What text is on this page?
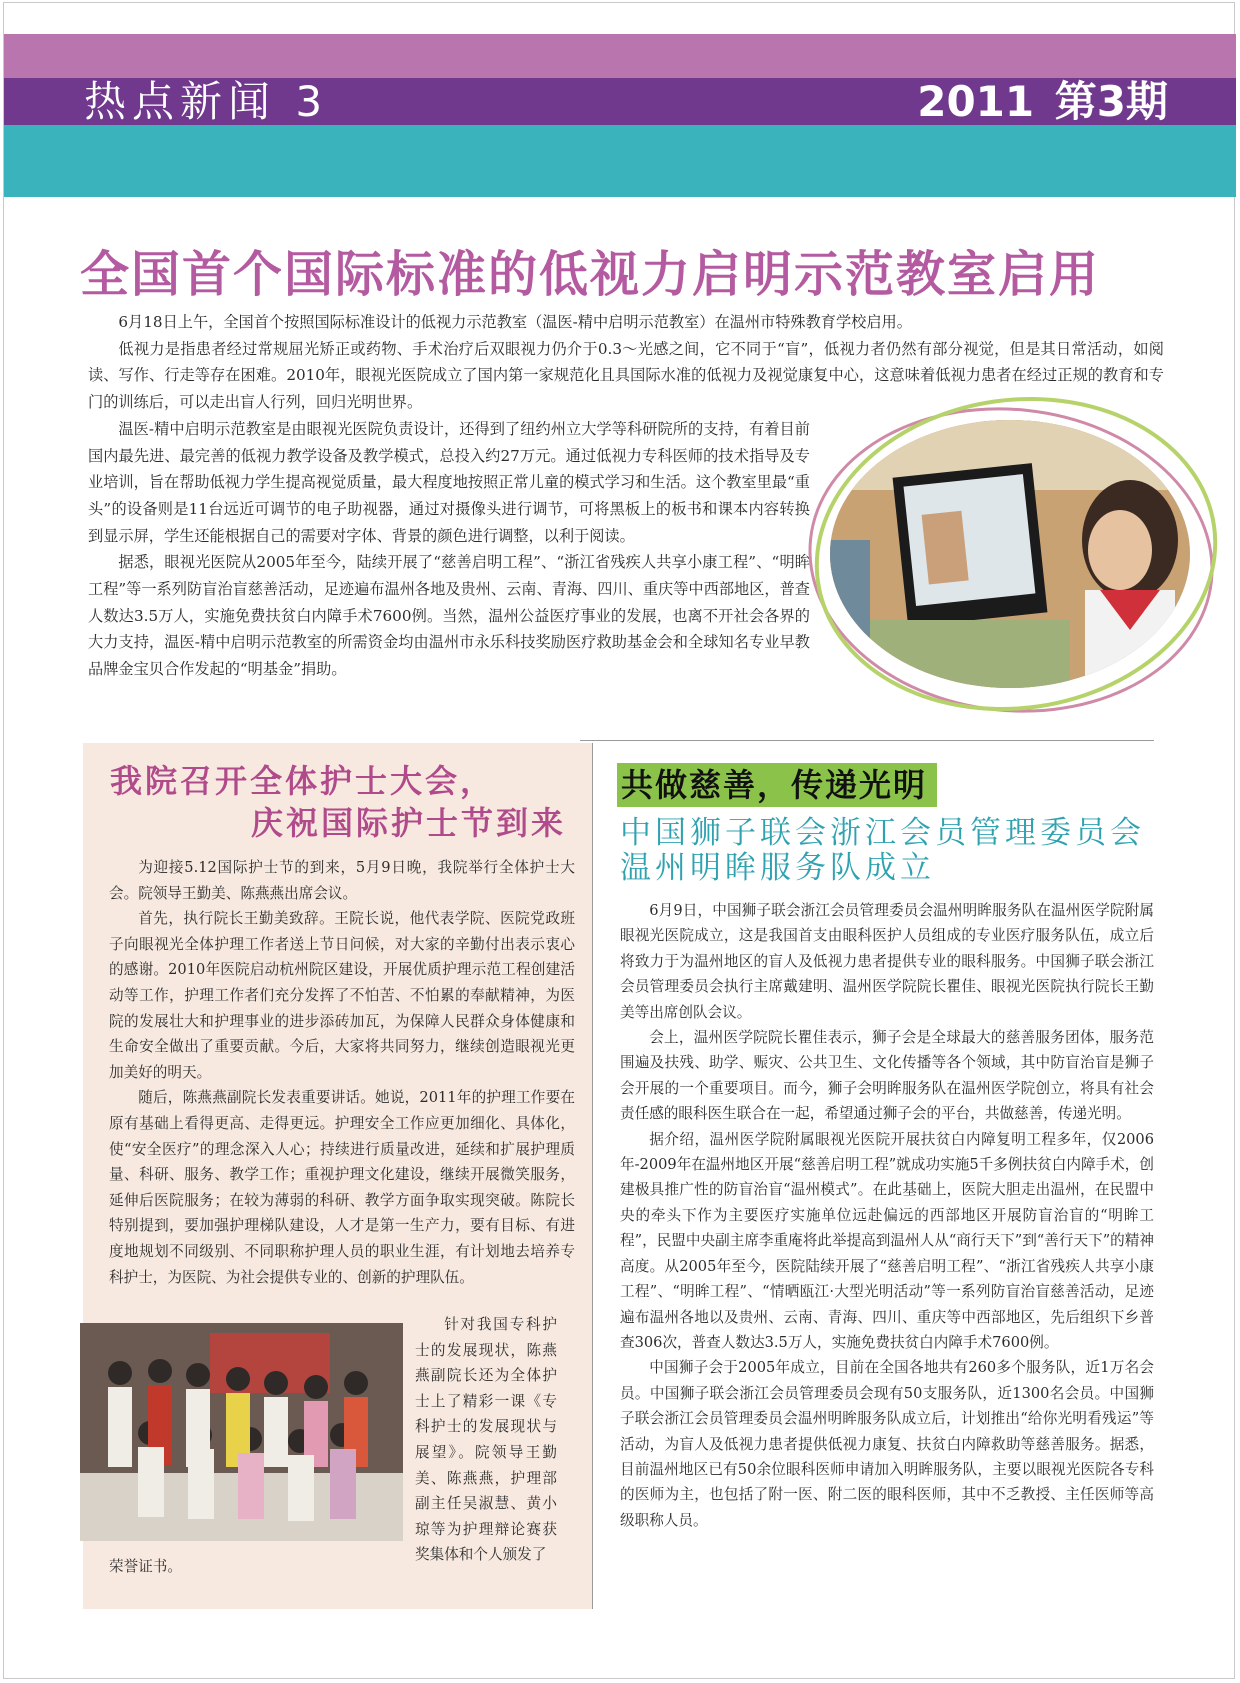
热点新闻 3	2011 第3期
全国首个国际标准的低视力启明示范教室启用

6月18日上午，全国首个按照国际标准设计的低视力示范教室（温医-精中启明示范教室）在温州市特殊教育学校启用。

低视力是指患者经过常规屈光矫正或药物、手术治疗后双眼视力仍介于0.3～光感之间，它不同于“盲”，低视力者仍然有部分视觉，但是其日常活动，如阅读、写作、行走等存在困难。2010年，眼视光医院成立了国内第一家规范化且具国际水准的低视力及视觉康复中心，这意味着低视力患者在经过正规的教育和专门的训练后，可以走出盲人行列，回归光明世界。

温医-精中启明示范教室是由眼视光医院负责设计，还得到了纽约州立大学等科研院所的支持，有着目前国内最先进、最完善的低视力教学设备及教学模式，总投入约27万元。通过低视力专科医师的技术指导及专业培训，旨在帮助低视力学生提高视觉质量，最大程度地按照正常儿童的模式学习和生活。这个教室里最“重头”的设备则是11台远近可调节的电子助视器，通过对摄像头进行调节，可将黑板上的板书和课本内容转换到显示屏，学生还能根据自己的需要对字体、背景的颜色进行调整，以利于阅读。

据悉，眼视光医院从2005年至今，陆续开展了“慈善启明工程”、“浙江省残疾人共享小康工程”、“明眸工程”等一系列防盲治盲慈善活动，足迹遍布温州各地及贵州、云南、青海、四川、重庆等中西部地区，普查人数达3.5万人，实施免费扶贫白内障手术7600例。当然，温州公益医疗事业的发展，也离不开社会各界的大力支持，温医-精中启明示范教室的所需资金均由温州市永乐科技奖励医疗救助基金会和全球知名专业早教品牌金宝贝合作发起的“明基金”捐助。

我院召开全体护士大会，
庆祝国际护士节到来

为迎接5.12国际护士节的到来，5月9日晚，我院举行全体护士大会。院领导王勤美、陈燕燕出席会议。

首先，执行院长王勤美致辞。王院长说，他代表学院、医院党政班子向眼视光全体护理工作者送上节日问候，对大家的辛勤付出表示衷心的感谢。2010年医院启动杭州院区建设，开展优质护理示范工程创建活动等工作，护理工作者们充分发挥了不怕苦、不怕累的奉献精神，为医院的发展壮大和护理事业的进步添砖加瓦，为保障人民群众身体健康和生命安全做出了重要贡献。今后，大家将共同努力，继续创造眼视光更加美好的明天。

随后，陈燕燕副院长发表重要讲话。她说，2011年的护理工作要在原有基础上看得更高、走得更远。护理安全工作应更加细化、具体化，使“安全医疗”的理念深入人心；持续进行质量改进，延续和扩展护理质量、科研、服务、教学工作；重视护理文化建设，继续开展微笑服务，延伸后医院服务；在较为薄弱的科研、教学方面争取实现突破。陈院长特别提到，要加强护理梯队建设，人才是第一生产力，要有目标、有进度地规划不同级别、不同职称护理人员的职业生涯，有计划地去培养专科护士，为医院、为社会提供专业的、创新的护理队伍。

针对我国专科护士的发展现状，陈燕燕副院长还为全体护士上了精彩一课《专科护士的发展现状与展望》。院领导王勤美、陈燕燕，护理部副主任吴淑慧、黄小琼等为护理辩论赛获奖集体和个人颁发了

荣誉证书。
共做慈善，传递光明
中国狮子联会浙江会员管理委员会
温州明眸服务队成立

6月9日，中国狮子联会浙江会员管理委员会温州明眸服务队在温州医学院附属眼视光医院成立，这是我国首支由眼科医护人员组成的专业医疗服务队伍，成立后将致力于为温州地区的盲人及低视力患者提供专业的眼科服务。中国狮子联会浙江会员管理委员会执行主席戴建明、温州医学院院长瞿佳、眼视光医院执行院长王勤美等出席创队会议。

会上，温州医学院院长瞿佳表示，狮子会是全球最大的慈善服务团体，服务范围遍及扶残、助学、赈灾、公共卫生、文化传播等各个领域，其中防盲治盲是狮子会开展的一个重要项目。而今，狮子会明眸服务队在温州医学院创立，将具有社会责任感的眼科医生联合在一起，希望通过狮子会的平台，共做慈善，传递光明。

据介绍，温州医学院附属眼视光医院开展扶贫白内障复明工程多年，仅2006年-2009年在温州地区开展“慈善启明工程”就成功实施5千多例扶贫白内障手术，创建极具推广性的防盲治盲“温州模式”。在此基础上，医院大胆走出温州，在民盟中央的牵头下作为主要医疗实施单位远赴偏远的西部地区开展防盲治盲的“明眸工程”，民盟中央副主席李重庵将此举提高到温州人从“商行天下”到“善行天下”的精神高度。从2005年至今，医院陆续开展了“慈善启明工程”、“浙江省残疾人共享小康工程”、“明眸工程”、“情晒瓯江·大型光明活动”等一系列防盲治盲慈善活动，足迹遍布温州各地以及贵州、云南、青海、四川、重庆等中西部地区，先后组织下乡普查306次，普查人数达3.5万人，实施免费扶贫白内障手术7600例。

中国狮子会于2005年成立，目前在全国各地共有260多个服务队，近1万名会员。中国狮子联会浙江会员管理委员会现有50支服务队，近1300名会员。中国狮子联会浙江会员管理委员会温州明眸服务队成立后，计划推出“给你光明看残运”等活动，为盲人及低视力患者提供低视力康复、扶贫白内障救助等慈善服务。据悉，目前温州地区已有50余位眼科医师申请加入明眸服务队，主要以眼视光医院各专科的医师为主，也包括了附一医、附二医的眼科医师，其中不乏教授、主任医师等高级职称人员。
